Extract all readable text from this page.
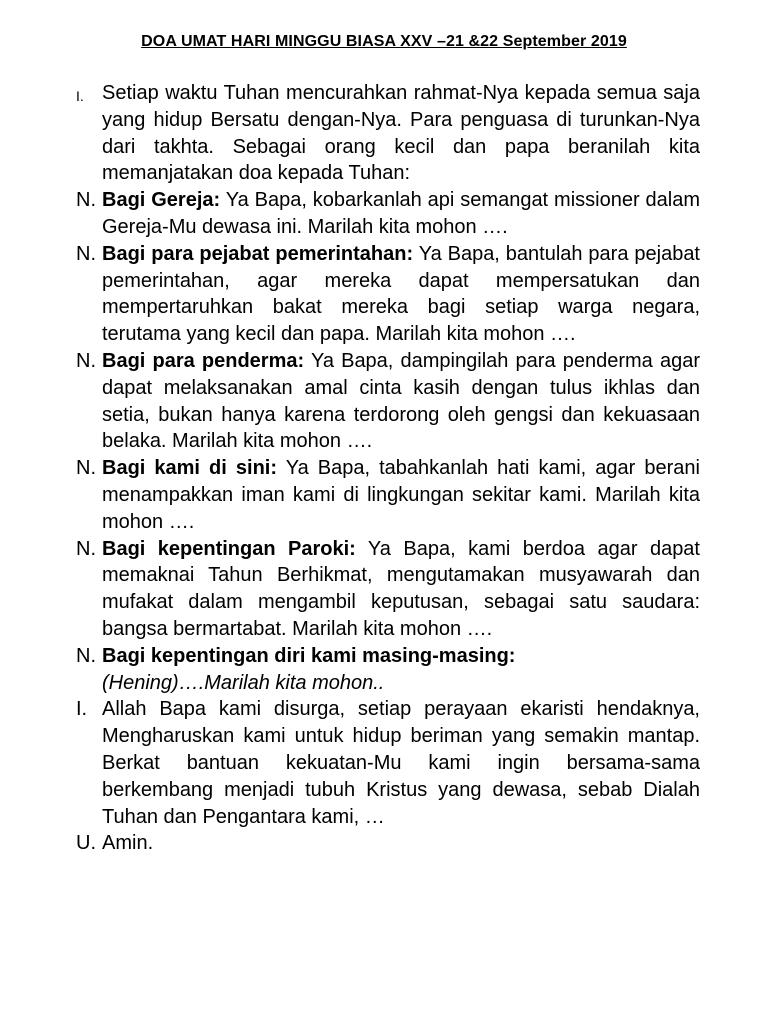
DOA UMAT HARI MINGGU BIASA XXV –21 &22 September 2019
I. Setiap waktu Tuhan mencurahkan rahmat-Nya kepada semua saja yang hidup Bersatu dengan-Nya. Para penguasa di turunkan-Nya dari takhta. Sebagai orang kecil dan papa beranilah kita memanjatakan doa kepada Tuhan:
N. Bagi Gereja: Ya Bapa, kobarkanlah api semangat missioner dalam Gereja-Mu dewasa ini. Marilah kita mohon ….
N. Bagi para pejabat pemerintahan: Ya Bapa, bantulah para pejabat pemerintahan, agar mereka dapat mempersatukan dan mempertaruhkan bakat mereka bagi setiap warga negara, terutama yang kecil dan papa. Marilah kita mohon ….
N. Bagi para penderma: Ya Bapa, dampingilah para penderma agar dapat melaksanakan amal cinta kasih dengan tulus ikhlas dan setia, bukan hanya karena terdorong oleh gengsi dan kekuasaan belaka. Marilah kita mohon ….
N. Bagi kami di sini: Ya Bapa, tabahkanlah hati kami, agar berani menampakkan iman kami di lingkungan sekitar kami. Marilah kita mohon ….
N. Bagi kepentingan Paroki: Ya Bapa, kami berdoa agar dapat memaknai Tahun Berhikmat, mengutamakan musyawarah dan mufakat dalam mengambil keputusan, sebagai satu saudara: bangsa bermartabat. Marilah kita mohon ….
N. Bagi kepentingan diri kami masing-masing:
(Hening)….Marilah kita mohon..
I. Allah Bapa kami disurga, setiap perayaan ekaristi hendaknya, Mengharuskan kami untuk hidup beriman yang semakin mantap. Berkat bantuan kekuatan-Mu kami ingin bersama-sama berkembang menjadi tubuh Kristus yang dewasa, sebab Dialah Tuhan dan Pengantara kami, …
U. Amin.
